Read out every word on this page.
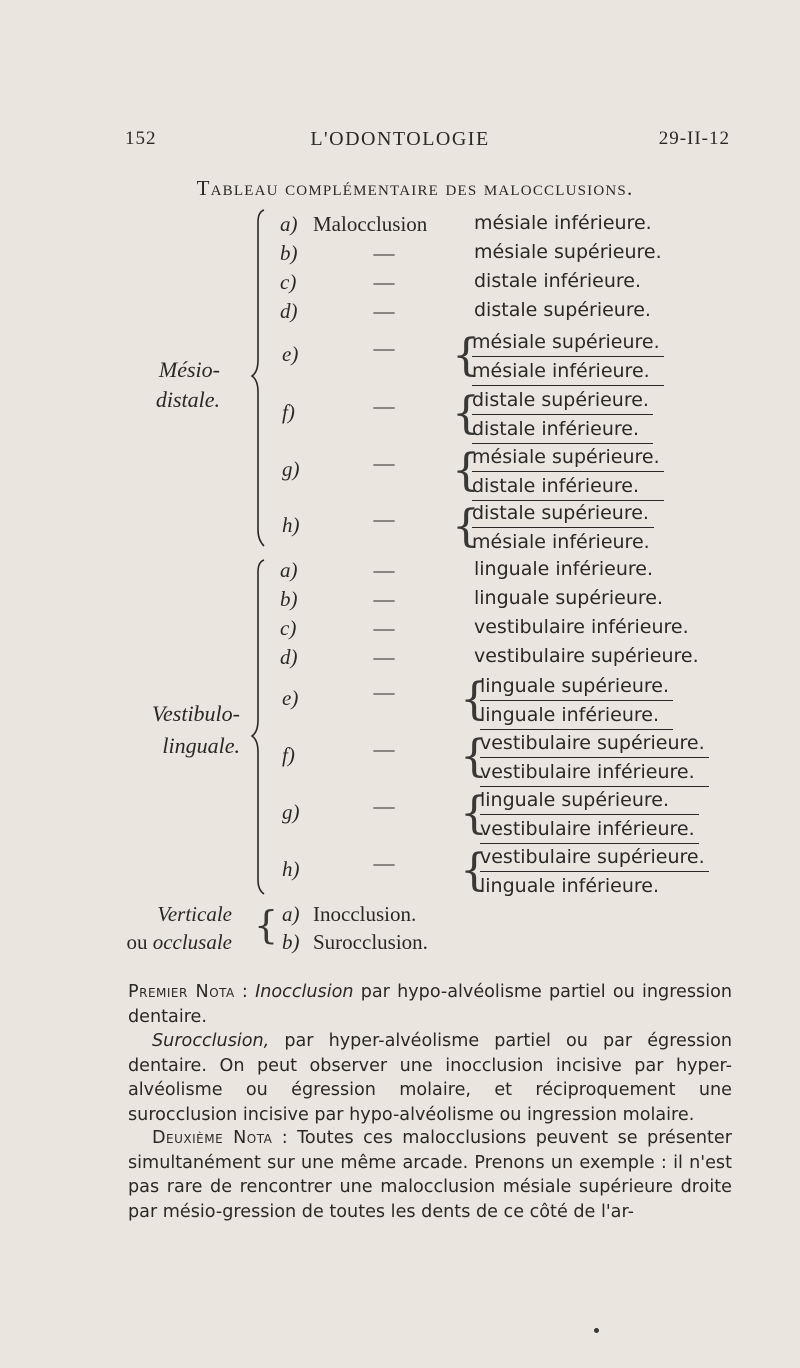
152	L'ODONTOLOGIE	29-II-12
Tableau complémentaire des malocclusions.
Mésio-
distale.
a) Malocclusion mésiale inférieure.
b)	—	mésiale supérieure.
c)	—	distale inférieure.
d)	—	distale supérieure.
e)	— {
mésiale supérieure.
mésiale inférieure.
f)	— {
distale supérieure.
distale inférieure.
g)	— {
mésiale supérieure.
distale inférieure.
h)	— {
distale supérieure.
mésiale inférieure.
Vestibulo-
linguale.
a)	—	linguale inférieure.
b)	—	linguale supérieure.
c)	—	vestibulaire inférieure.
d)	—	vestibulaire supérieure.
e)	— {
linguale supérieure.
linguale inférieure.
f)	— {
vestibulaire supérieure.
vestibulaire inférieure.
g)	— {
linguale supérieure.
vestibulaire inférieure.
h)	— {
vestibulaire supérieure.
linguale inférieure.
Verticale a) Inocclusion.
ou occlusale b) Surocclusion.
{
Premier Nota : Inocclusion par hypo-alvéolisme partiel ou ingression dentaire.
Surocclusion, par hyper-alvéolisme partiel ou par égression dentaire. On peut observer une inocclusion incisive par hyper-alvéolisme ou égression molaire, et réciproquement une surocclusion incisive par hypo-alvéolisme ou ingression molaire.
Deuxième Nota : Toutes ces malocclusions peuvent se présenter simultanément sur une même arcade. Prenons un exemple : il n'est pas rare de rencontrer une malocclusion mésiale supérieure droite par mésio-gression de toutes les dents de ce côté de l'ar-
